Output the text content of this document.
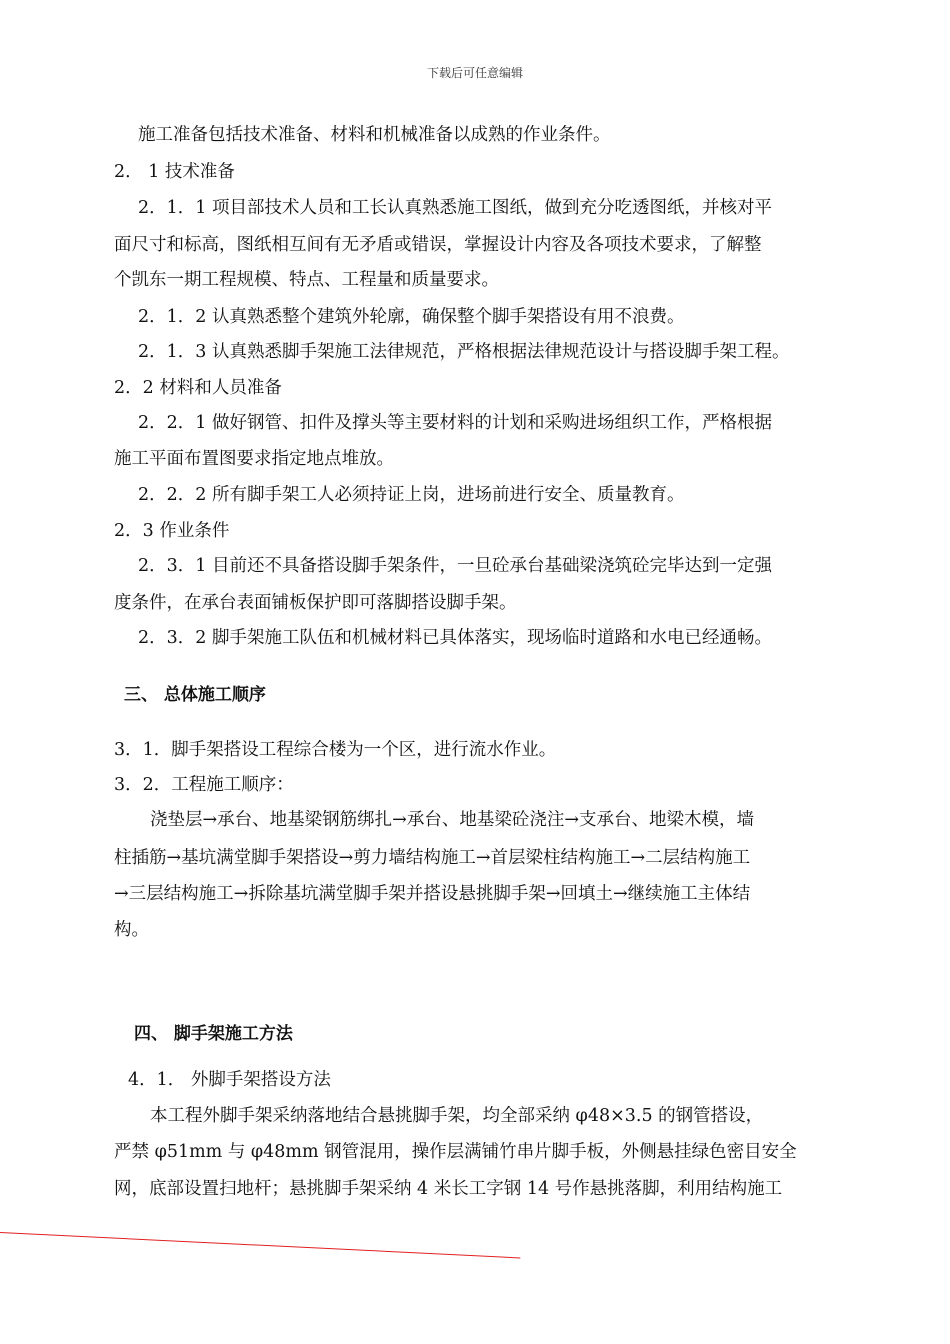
下载后可任意编辑
施工准备包括技术准备、材料和机械准备以成熟的作业条件。
2． 1 技术准备
2．1．1 项目部技术人员和工长认真熟悉施工图纸，做到充分吃透图纸，并核对平
面尺寸和标高，图纸相互间有无矛盾或错误，掌握设计内容及各项技术要求，了解整
个凯东一期工程规模、特点、工程量和质量要求。
2．1．2 认真熟悉整个建筑外轮廓，确保整个脚手架搭设有用不浪费。
2．1．3 认真熟悉脚手架施工法律规范，严格根据法律规范设计与搭设脚手架工程。
2．2 材料和人员准备
2．2．1 做好钢管、扣件及撑头等主要材料的计划和采购进场组织工作，严格根据
施工平面布置图要求指定地点堆放。
2．2．2 所有脚手架工人必须持证上岗，进场前进行安全、质量教育。
2．3 作业条件
2．3．1 目前还不具备搭设脚手架条件，一旦砼承台基础梁浇筑砼完毕达到一定强
度条件，在承台表面铺板保护即可落脚搭设脚手架。
2．3．2 脚手架施工队伍和机械材料已具体落实，现场临时道路和水电已经通畅。
三、 总体施工顺序
3．1．脚手架搭设工程综合楼为一个区，进行流水作业。
3．2．工程施工顺序：
浇垫层→承台、地基梁钢筋绑扎→承台、地基梁砼浇注→支承台、地梁木模，墙
柱插筋→基坑满堂脚手架搭设→剪力墙结构施工→首层梁柱结构施工→二层结构施工
→三层结构施工→拆除基坑满堂脚手架并搭设悬挑脚手架→回填土→继续施工主体结
构。
四、 脚手架施工方法
4．1． 外脚手架搭设方法
本工程外脚手架采纳落地结合悬挑脚手架，均全部采纳 φ48×3.5 的钢管搭设，
严禁 φ51mm 与 φ48mm 钢管混用，操作层满铺竹串片脚手板，外侧悬挂绿色密目安全
网，底部设置扫地杆；悬挑脚手架采纳 4 米长工字钢 14 号作悬挑落脚，利用结构施工
